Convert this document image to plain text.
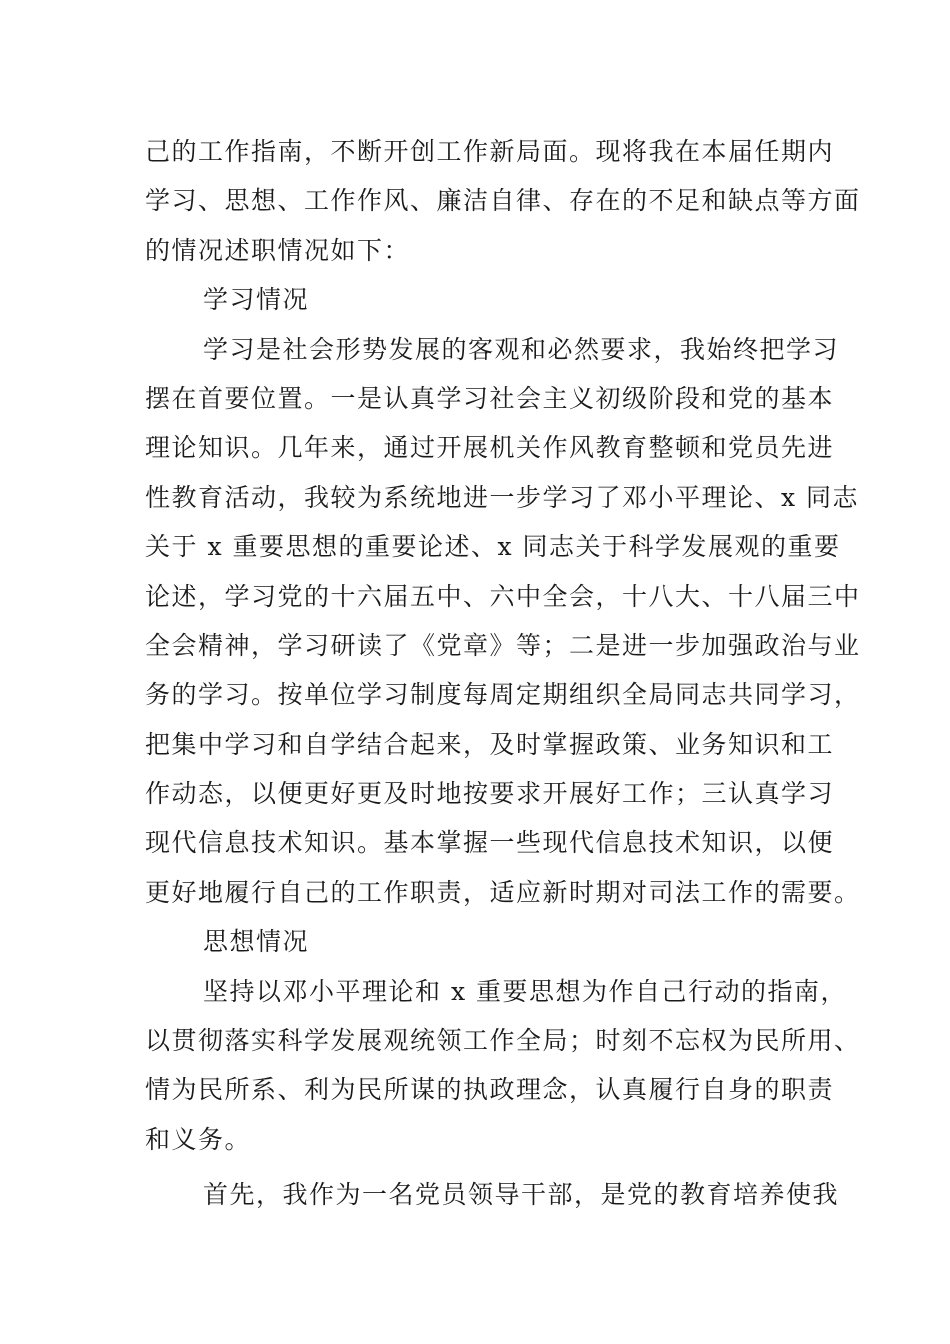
己的工作指南，不断开创工作新局面。现将我在本届任期内
学习、思想、工作作风、廉洁自律、存在的不足和缺点等方面
的情况述职情况如下：
学习情况
学习是社会形势发展的客观和必然要求，我始终把学习
摆在首要位置。一是认真学习社会主义初级阶段和党的基本
理论知识。几年来，通过开展机关作风教育整顿和党员先进
性教育活动，我较为系统地进一步学习了邓小平理论、x 同志
关于 x 重要思想的重要论述、x 同志关于科学发展观的重要
论述，学习党的十六届五中、六中全会，十八大、十八届三中
全会精神，学习研读了《党章》等；二是进一步加强政治与业
务的学习。按单位学习制度每周定期组织全局同志共同学习，
把集中学习和自学结合起来，及时掌握政策、业务知识和工
作动态，以便更好更及时地按要求开展好工作；三认真学习
现代信息技术知识。基本掌握一些现代信息技术知识，以便
更好地履行自己的工作职责，适应新时期对司法工作的需要。
思想情况
坚持以邓小平理论和 x 重要思想为作自己行动的指南，
以贯彻落实科学发展观统领工作全局；时刻不忘权为民所用、
情为民所系、利为民所谋的执政理念，认真履行自身的职责
和义务。
首先，我作为一名党员领导干部，是党的教育培养使我
